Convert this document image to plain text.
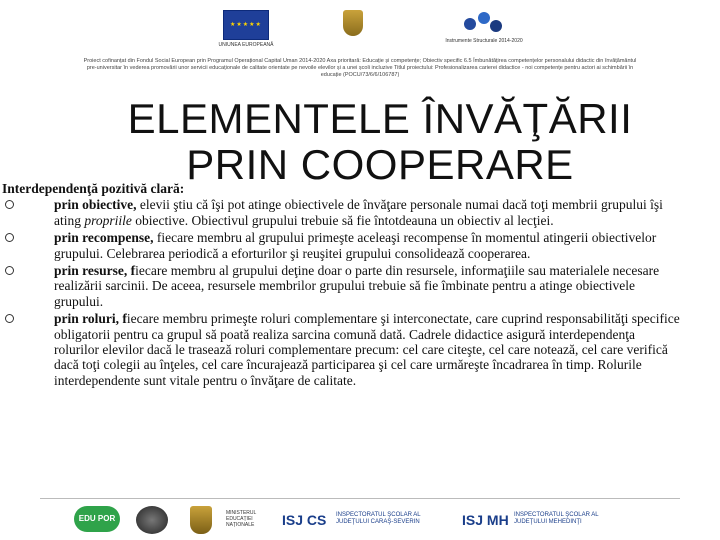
★★★★★
UNIUNEA EUROPEANĂ
Instrumente Structurale 2014-2020
Proiect cofinanțat din Fondul Social European prin Programul Operațional Capital Uman 2014-2020 Axa prioritară: Educație și competențe; Obiectiv specific 6.5 Îmbunătățirea competențelor personalului didactic din învățământul pre-universitar în vederea promovării unor servicii educaționale de calitate orientate pe nevoile elevilor și a unei școli incluzive Titlul proiectului: Profesionalizarea carierei didactice - noi competențe pentru actori ai schimbării în educație (POCU/73/6/6/106787)
ELEMENTELE ÎNVĂŢĂRII
PRIN COOPERARE

Interdependenţă pozitivă clară:

prin obiective, elevii ştiu că îşi pot atinge obiectivele de învăţare personale numai dacă toţi membrii grupului îşi ating propriile obiective. Obiectivul grupului trebuie să fie întotdeauna un obiectiv al lecţiei.
prin recompense, fiecare membru al grupului primeşte aceleaşi recompense în momentul atingerii obiectivelor grupului. Celebrarea periodică a eforturilor şi reuşitei grupului consolidează cooperarea.
prin resurse, fiecare membru al grupului deţine doar o parte din resursele, informaţiile sau materialele necesare realizării sarcinii. De aceea, resursele membrilor grupului trebuie să fie îmbinate pentru a atinge obiectivele grupului.
prin roluri, fiecare membru primeşte roluri complementare şi interconectate, care cuprind responsabilităţi specifice obligatorii pentru ca grupul să poată realiza sarcina comună dată. Cadrele didactice asigură interdependenţa rolurilor elevilor dacă le trasează roluri complementare precum: cel care citeşte, cel care notează, cel care verifică dacă toţi colegii au înţeles, cel care încurajează participarea şi cel care urmăreşte încadrarea în timp. Rolurile interdependente sunt vitale pentru o învăţare de calitate.
EDU POR
MINISTERUL EDUCAȚIEI NAȚIONALE	ISJ CS INSPECTORATUL ŞCOLAR AL JUDEŢULUI CARAŞ-SEVERIN	ISJ MH INSPECTORATUL ŞCOLAR AL JUDEŢULUI MEHEDINŢI
